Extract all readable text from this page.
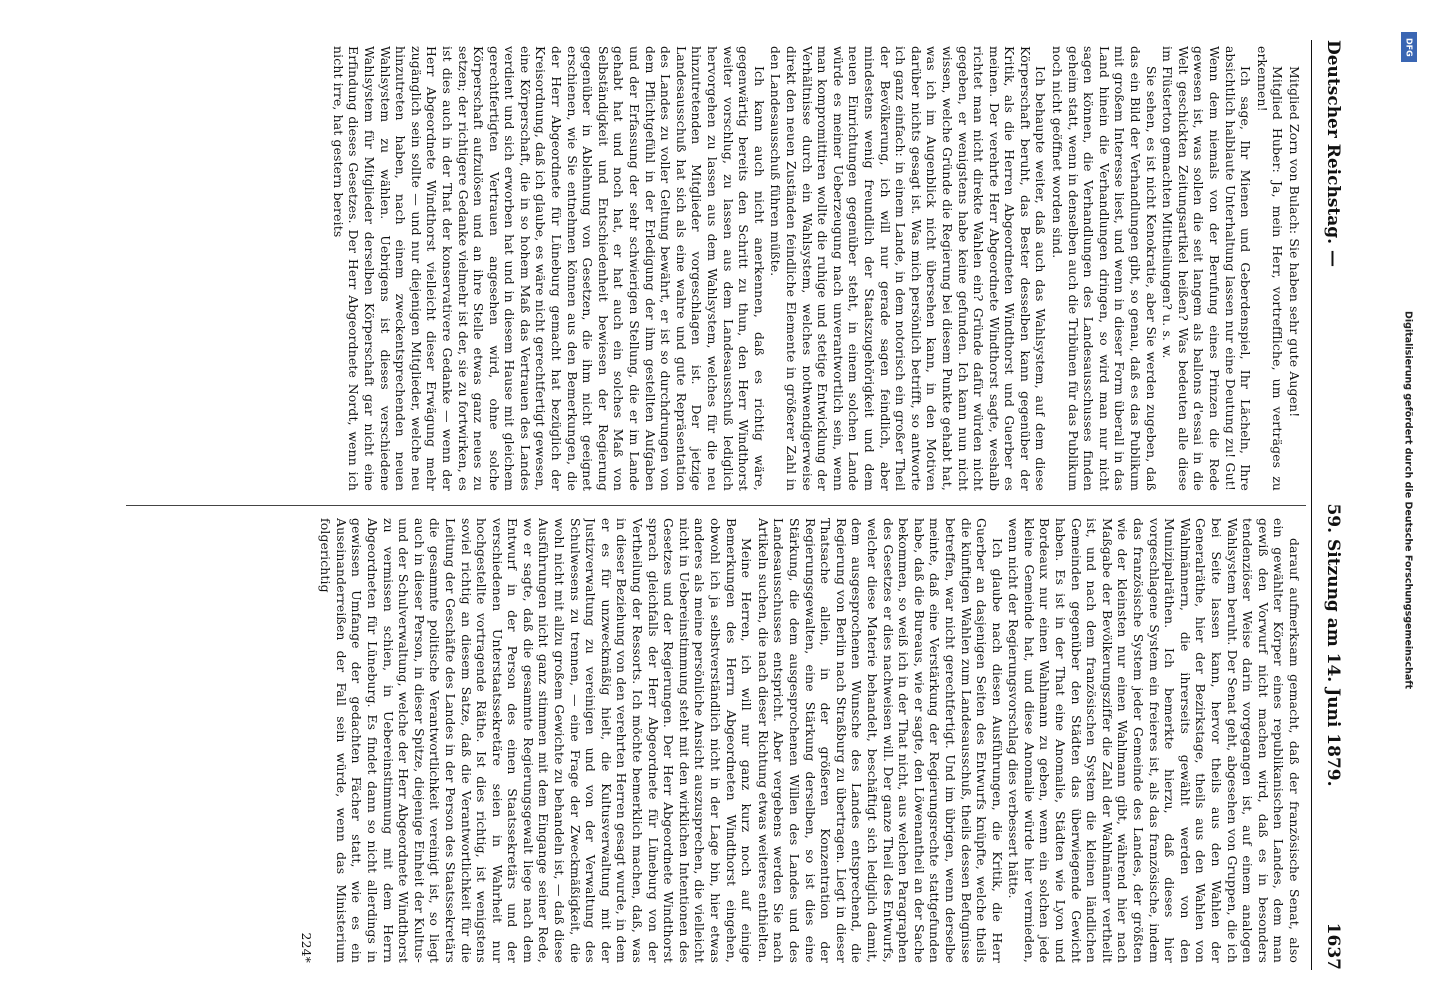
Deutscher Reichstag. —
59. Sitzung am 14. Juni 1879.
1637

Mitglied Zorn von Bulach: Sie haben sehr gute Augen!

Mitglied Huber: Ja, mein Herr, vortreffliche, um verträges zu erkennen!

Ich sage, Ihr Mienen und Geberdenspiel, Ihr Lächeln, Ihre absichtlich halblaute Unterhaltung lassen nur eine Deutung zu! Gut! Wenn dem niemals von der Berufung eines Prinzen die Rede gewesen ist, was sollen die seit langem als ballons d'essai in die Welt geschickten Zeitungsartikel heißen? Was bedeuten alle diese im Flüsterton gemachten Mittheilungen? u. s. w.

Sie sehen, es ist nicht Kenokratie, aber Sie werden zugeben, daß das ein Bild der Verhandlungen gibt, so genau, daß es das Publikum mit großem Interesse liest, und wenn in dieser Form überall in das Land hinein die Verhandlungen dringen, so wird man nur nicht sagen können, die Verhandlungen des Landesausschusses finden geheim statt, wenn in denselben auch die Tribünen für das Publikum noch nicht geöffnet worden sind.

Ich behaupte weiter, daß auch das Wahlsystem, auf dem diese Körperschaft beruht, das Bester desselben kann gegenüber der Kritik, als die Herren Abgeordneten Windthorst und Guerber es meinen. Der verehrte Herr Abgeordnete Windthorst sagte, weshalb richtet man nicht direkte Wahlen ein? Gründe dafür würden nicht gegeben, er wenigstens habe keine gefunden. Ich kann nun nicht wissen, welche Gründe die Regierung bei diesem Punkte gehabt hat, was ich im Augenblick nicht übersehen kann, in den Motiven darüber nichts gesagt ist. Was mich persönlich betrifft, so antworte ich ganz einfach: in einem Lande, in dem notorisch ein großer Theil der Bevölkerung, ich will nur gerade sagen feindlich, aber mindestens wenig freundlich der Staatszugehörigkeit und dem neuen Einrichtungen gegenüber steht, in einem solchen Lande würde es meiner Ueberzeugung nach unverantwortlich sein, wenn man kompromittiren wollte die ruhige und stetige Entwicklung der Verhältnisse durch ein Wahlsystem, welches nothwendigerweise direkt den neuen Zuständen feindliche Elemente in größerer Zahl in den Landesausschuß führen müßte.

Ich kann auch nicht anerkennen, daß es richtig wäre, gegenwärtig bereits den Schritt zu thun, den Herr Windthorst weiter vorschlug, zu lassen aus dem Landesausschuß lediglich hervorgehen zu lassen aus dem Wahlsystem, welches für die neu hinzutretenden Mitglieder vorgeschlagen ist. Der jetzige Landesausschuß hat sich als eine wahre und gute Repräsentation des Landes zu voller Geltung bewährt, er ist so durchdrungen von dem Pflichtgefühl in der Erledigung der ihm gestellten Aufgaben und der Erfassung der sehr schwierigen Stellung, die er im Lande gehabt hat und noch hat, er hat auch ein solches Maß von Selbständigkeit und Entschiedenheit bewiesen der Regierung gegenüber in Ablehnung von Gesetzen, die ihm nicht geeignet erschienen, wie Sie entnehmen können aus den Bemerkungen, die der Herr Abgeordnete für Lüneburg gemacht hat bezüglich der Kreisordnung, daß ich glaube, es wäre nicht gerechtfertigt gewesen, eine Körperschaft, die in so hohem Maß das Vertrauen des Landes verdient und sich erworben hat und in diesem Hause mit gleichem gerechtfertigten Vertrauen angesehen wird, ohne solche Körperschaft aufzulösen und an ihre Stelle etwas ganz neues zu setzen; der richtigere Gedanke vielmehr ist der, sie zu fortwirken, es ist dies auch in der That der konservativere Gedanke — wenn der Herr Abgeordnete Windthorst vielleicht dieser Erwägung mehr zugänglich sein sollte — und nur diejenigen Mitglieder, welche neu hinzutreten haben, nach einem zweckentsprechenden neuen Wahlsystem zu wählen. Uebrigens ist dieses verschiedene Wahlsystem für Mitglieder derselben Körperschaft gar nicht eine Erfindung dieses Gesetzes. Der Herr Abgeordnete Nordt, wenn ich nicht irre, hat gestern bereits

darauf aufmerksam gemacht, daß der französische Senat, also ein gewählter Körper eines republikanischen Landes, dem man gewiß den Vorwurf nicht machen wird, daß es in besonders tendenziöser Weise darin vorgegangen ist, auf einem analogen Wahlsystem beruht. Der Senat geht, abgesehen von Gruppen, die ich bei Seite lassen kann, hervor theils aus den Wahlen der Generalräthe, hier der Bezirkstage, theils aus den Wahlen von Wahlmännern, die ihrerseits gewählt werden von den Munizipalräthen. Ich bemerkte hierzu, daß dieses hier vorgeschlagene System ein freieres ist, als das französische, indem das französische System jeder Gemeinde des Landes, der größten wie der kleinsten nur einen Wahlmann gibt, während hier nach Maßgabe der Bevölkerungsziffer die Zahl der Wahlmänner vertheilt ist, und nach dem französischen System die kleinen ländlichen Gemeinden gegenüber den Städten das überwiegende Gewicht haben. Es ist in der That eine Anomalie, Städten wie Lyon und Bordeaux nur einen Wahlmann zu geben, wenn ein solchen jede kleine Gemeinde hat, und diese Anomalie würde hier vermieden, wenn nicht der Regierungsvorschlag dies verbessert hätte.

Ich glaube nach diesen Ausführungen, die Kritik, die Herr Guerber an dasjenigen Seiten des Entwurfs knüpfte, welche theils die künftigen Wahlen zum Landesausschuß, theils dessen Befugnisse betreffen, war nicht gerechtfertigt. Und im übrigen, wenn derselbe meinte, daß eine Verstärkung der Regierungsrechte stattgefunden habe, daß die Bureaus, wie er sagte, den Löwenantheil an der Sache bekommen, so weiß ich in der That nicht, aus welchen Paragraphen des Gesetzes er dies nachweisen will. Der ganze Theil des Entwurfs, welcher diese Materie behandelt, beschäftigt sich lediglich damit, dem ausgesprochenen Wunsche des Landes entsprechend, die Regierung von Berlin nach Straßburg zu übertragen. Liegt in dieser Thatsache allein, in der größeren Konzentration der Regierungsgewalten, eine Stärkung derselben, so ist dies eine Stärkung, die dem ausgesprochenen Willen des Landes und des Landesausschusses entspricht. Aber vergebens werden Sie nach Artikeln suchen, die nach dieser Richtung etwas weiteres enthielten.

Meine Herren, ich will nur ganz kurz noch auf einige Bemerkungen des Herrn Abgeordneten Windthorst eingehen, obwohl ich ja selbstverständlich nicht in der Lage bin, hier etwas anderes als meine persönliche Ansicht auszusprechen, die vielleicht nicht in Uebereinstimmung steht mit den wirklichen Intentionen des Gesetzes und der Regierungen. Der Herr Abgeordnete Windthorst sprach gleichfalls der Herr Abgeordnete für Lüneburg von der Vertheilung der Ressorts. Ich möchte bemerklich machen, daß, was in dieser Beziehung von den verehrten Herren gesagt wurde, in dem er es für unzweckmäßig hielt, die Kultusverwaltung mit der Justizverwaltung zu vereinigen und von der Verwaltung des Schulwesens zu trennen, — eine Frage der Zweckmäßigkeit, die wohl nicht mit allzu großem Gewichte zu behandeln ist, — daß diese Ausführungen nicht ganz stimmen mit dem Eingange seiner Rede, wo er sagte, daß die gesammte Regierungsgewalt liege nach dem Entwurf in der Person des einen Staatssekretärs und der verschiedenen Unterstaatssekretäre seien in Wahrheit nur hochgestellte vortragende Räthe. Ist dies richtig, ist wenigstens soviel richtig an diesem Satze, daß die Verantwortlichkeit für die Leitung der Geschäfte des Landes in der Person des Staatssekretärs die gesammte politische Verantwortlichkeit vereinigt ist, so liegt auch in dieser Person, in dieser Spitze, diejenige Einheit der Kultus- und der Schulverwaltung, welche der Herr Abgeordnete Windthorst zu vermissen schien, in Uebereinstimmung mit dem Herrn Abgeordneten für Lüneburg. Es findet dann so nicht allerdings in gewissen Umfange der gedachten Fächer statt, wie es ein Auseinanderreißen der Fall sein würde, wenn das Ministerium folgerichtig

224*

DFG
Digitalisierung gefördert durch die Deutsche Forschungsgemeinschaft
